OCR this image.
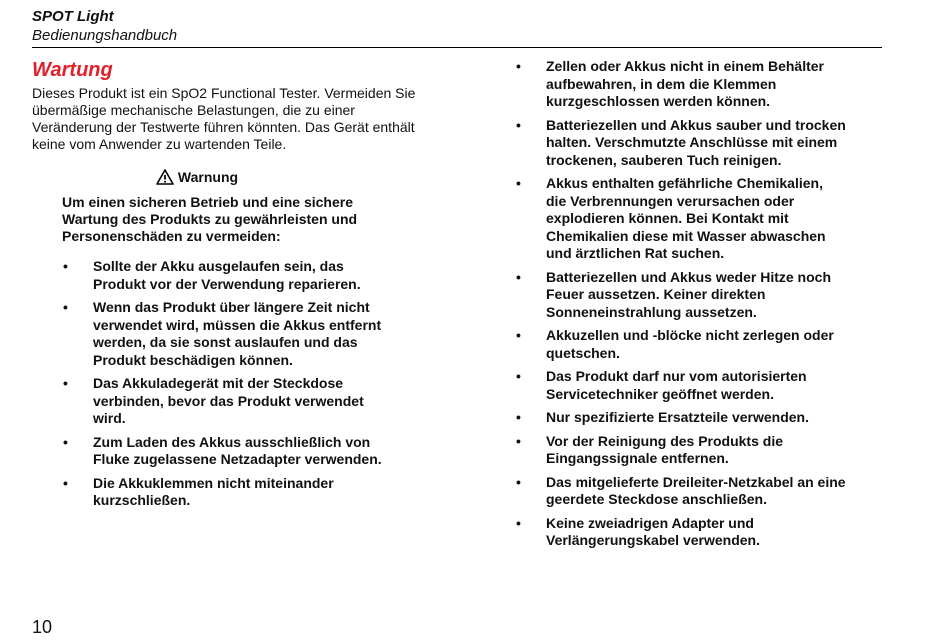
SPOT Light
Bedienungshandbuch
Wartung

Dieses Produkt ist ein SpO2 Functional Tester. Vermeiden Sie übermäßige mechanische Belastungen, die zu einer Veränderung der Testwerte führen könnten. Das Gerät enthält keine vom Anwender zu wartenden Teile.

Warnung

Um einen sicheren Betrieb und eine sichere Wartung des Produkts zu gewährleisten und Personenschäden zu vermeiden:

• Sollte der Akku ausgelaufen sein, das Produkt vor der Verwendung reparieren.
• Wenn das Produkt über längere Zeit nicht verwendet wird, müssen die Akkus entfernt werden, da sie sonst auslaufen und das Produkt beschädigen können.
• Das Akkuladegerät mit der Steckdose verbinden, bevor das Produkt verwendet wird.
• Zum Laden des Akkus ausschließlich von Fluke zugelassene Netzadapter verwenden.
• Die Akkuklemmen nicht miteinander kurzschließen.
• Zellen oder Akkus nicht in einem Behälter aufbewahren, in dem die Klemmen kurzgeschlossen werden können.
• Batteriezellen und Akkus sauber und trocken halten. Verschmutzte Anschlüsse mit einem trockenen, sauberen Tuch reinigen.
• Akkus enthalten gefährliche Chemikalien, die Verbrennungen verursachen oder explodieren können. Bei Kontakt mit Chemikalien diese mit Wasser abwaschen und ärztlichen Rat suchen.
• Batteriezellen und Akkus weder Hitze noch Feuer aussetzen. Keiner direkten Sonneneinstrahlung aussetzen.
• Akkuzellen und -blöcke nicht zerlegen oder quetschen.
• Das Produkt darf nur vom autorisierten Servicetechniker geöffnet werden.
• Nur spezifizierte Ersatzteile verwenden.
• Vor der Reinigung des Produkts die Eingangssignale entfernen.
• Das mitgelieferte Dreileiter-Netzkabel an eine geerdete Steckdose anschließen.
• Keine zweiadrigen Adapter und Verlängerungskabel verwenden.
10
